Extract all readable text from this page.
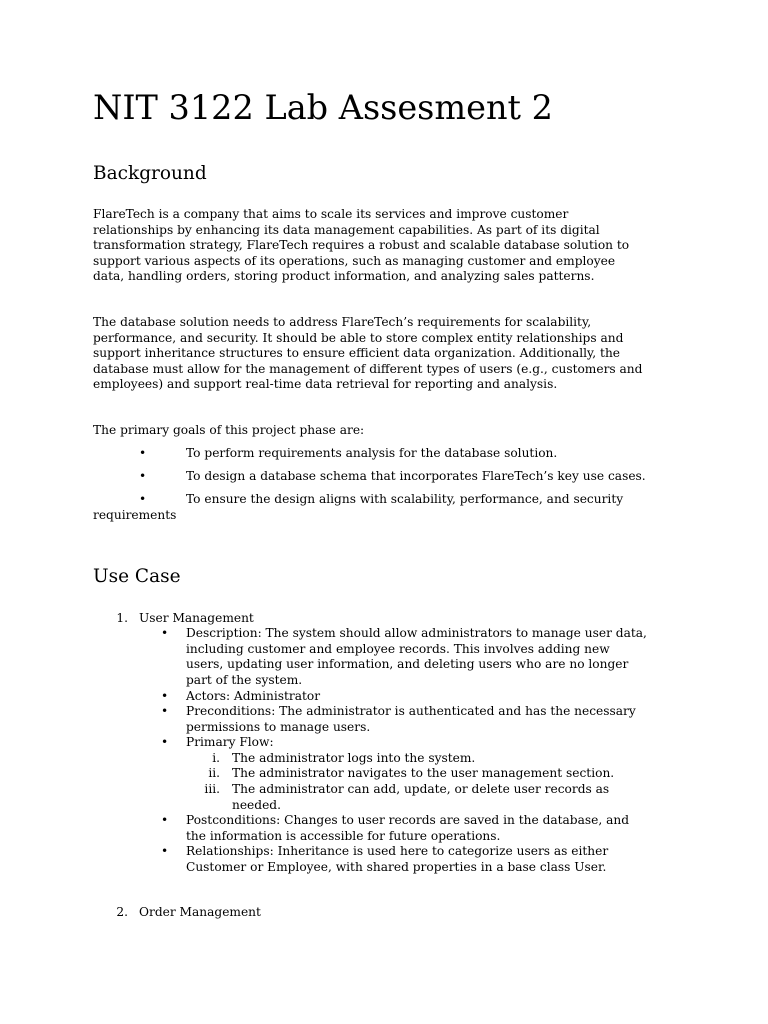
NIT 3122 Lab Assesment 2
Background
FlareTech is a company that aims to scale its services and improve customer
relationships by enhancing its data management capabilities. As part of its digital
transformation strategy, FlareTech requires a robust and scalable database solution to
support various aspects of its operations, such as managing customer and employee
data, handling orders, storing product information, and analyzing sales patterns.
The database solution needs to address FlareTech’s requirements for scalability,
performance, and security. It should be able to store complex entity relationships and
support inheritance structures to ensure efficient data organization. Additionally, the
database must allow for the management of different types of users (e.g., customers and
employees) and support real-time data retrieval for reporting and analysis.
The primary goals of this project phase are:
•	To perform requirements analysis for the database solution.
•	To design a database schema that incorporates FlareTech’s key use cases.
•	To ensure the design aligns with scalability, performance, and security
requirements
Use Case
1. User Management
• Description: The system should allow administrators to manage user data,
including customer and employee records. This involves adding new
users, updating user information, and deleting users who are no longer
part of the system.
• Actors: Administrator
• Preconditions: The administrator is authenticated and has the necessary
permissions to manage users.
• Primary Flow:
i. The administrator logs into the system.
ii. The administrator navigates to the user management section.
iii. The administrator can add, update, or delete user records as
needed.
• Postconditions: Changes to user records are saved in the database, and
the information is accessible for future operations.
• Relationships: Inheritance is used here to categorize users as either
Customer or Employee, with shared properties in a base class User.
2. Order Management
